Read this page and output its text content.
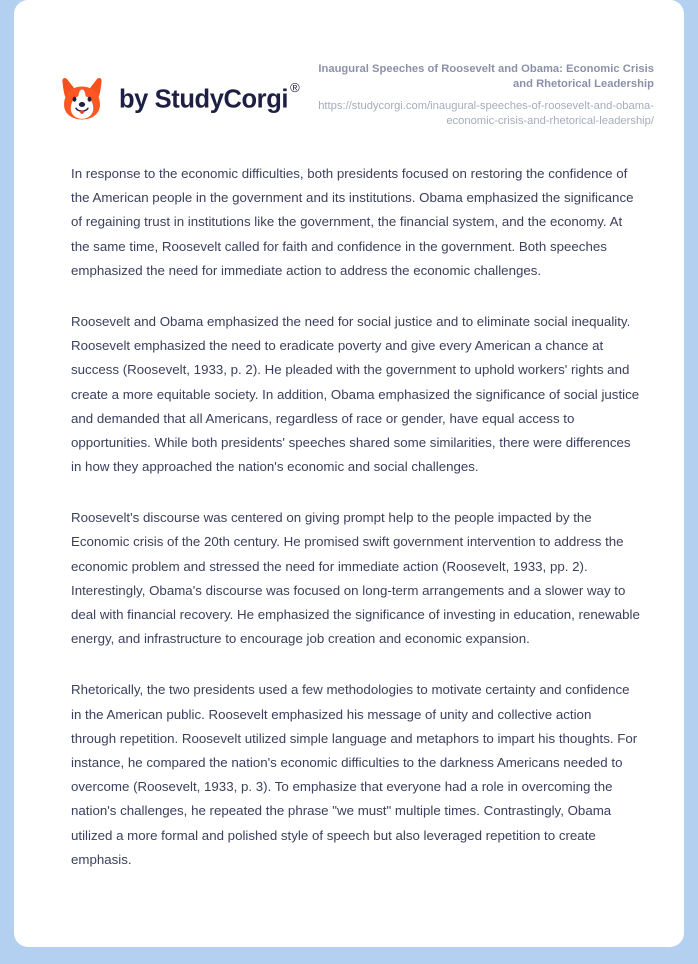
by StudyCorgi ®
Inaugural Speeches of Roosevelt and Obama: Economic Crisis and Rhetorical Leadership
https://studycorgi.com/inaugural-speeches-of-roosevelt-and-obama-economic-crisis-and-rhetorical-leadership/

In response to the economic difficulties, both presidents focused on restoring the confidence of the American people in the government and its institutions. Obama emphasized the significance of regaining trust in institutions like the government, the financial system, and the economy. At the same time, Roosevelt called for faith and confidence in the government. Both speeches emphasized the need for immediate action to address the economic challenges.

Roosevelt and Obama emphasized the need for social justice and to eliminate social inequality. Roosevelt emphasized the need to eradicate poverty and give every American a chance at success (Roosevelt, 1933, p. 2). He pleaded with the government to uphold workers' rights and create a more equitable society. In addition, Obama emphasized the significance of social justice and demanded that all Americans, regardless of race or gender, have equal access to opportunities. While both presidents' speeches shared some similarities, there were differences in how they approached the nation's economic and social challenges.

Roosevelt's discourse was centered on giving prompt help to the people impacted by the Economic crisis of the 20th century. He promised swift government intervention to address the economic problem and stressed the need for immediate action (Roosevelt, 1933, pp. 2). Interestingly, Obama's discourse was focused on long-term arrangements and a slower way to deal with financial recovery. He emphasized the significance of investing in education, renewable energy, and infrastructure to encourage job creation and economic expansion.

Rhetorically, the two presidents used a few methodologies to motivate certainty and confidence in the American public. Roosevelt emphasized his message of unity and collective action through repetition. Roosevelt utilized simple language and metaphors to impart his thoughts. For instance, he compared the nation's economic difficulties to the darkness Americans needed to overcome (Roosevelt, 1933, p. 3). To emphasize that everyone had a role in overcoming the nation's challenges, he repeated the phrase "we must" multiple times. Contrastingly, Obama utilized a more formal and polished style of speech but also leveraged repetition to create emphasis.
